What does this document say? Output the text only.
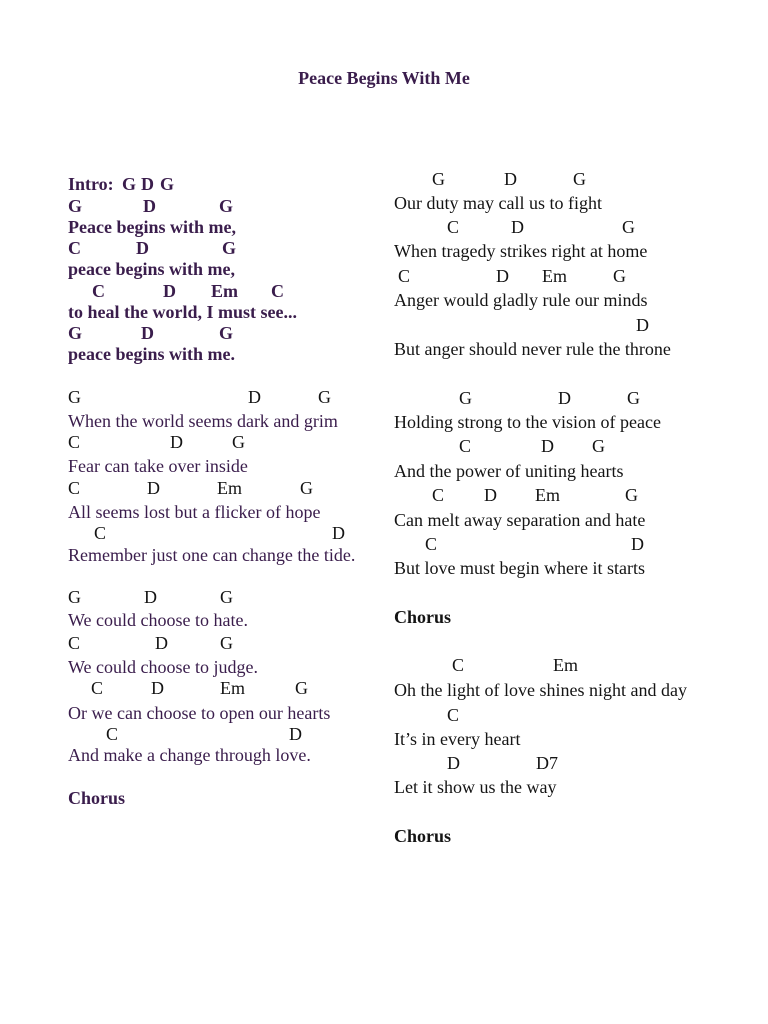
Peace Begins With Me
Intro: G D G
G	D	G
Peace begins with me,
C	D	G
peace begins with me,
C	D Em C
to heal the world, I must see...
G	D	G
peace begins with me.
G	D	G
When the world seems dark and grim
C	D	G
Fear can take over inside
C	D	Em	G
All seems lost but a flicker of hope
C	D
Remember just one can change the tide.
G	D	G
We could choose to hate.
C	D	G
We could choose to judge.
C	D	Em	G
Or we can choose to open our hearts
C	D
And make a change through love.
Chorus
G	D	G
Our duty may call us to fight
C	D	G
When tragedy strikes right at home
C	D Em	G
Anger would gladly rule our minds
D
But anger should never rule the throne
G	D	G
Holding strong to the vision of peace
C	D G
And the power of uniting hearts
C D Em	G
Can melt away separation and hate
C	D
But love must begin where it starts
Chorus
C	Em
Oh the light of love shines night and day
C
It’s in every heart
D	D7
Let it show us the way
Chorus
